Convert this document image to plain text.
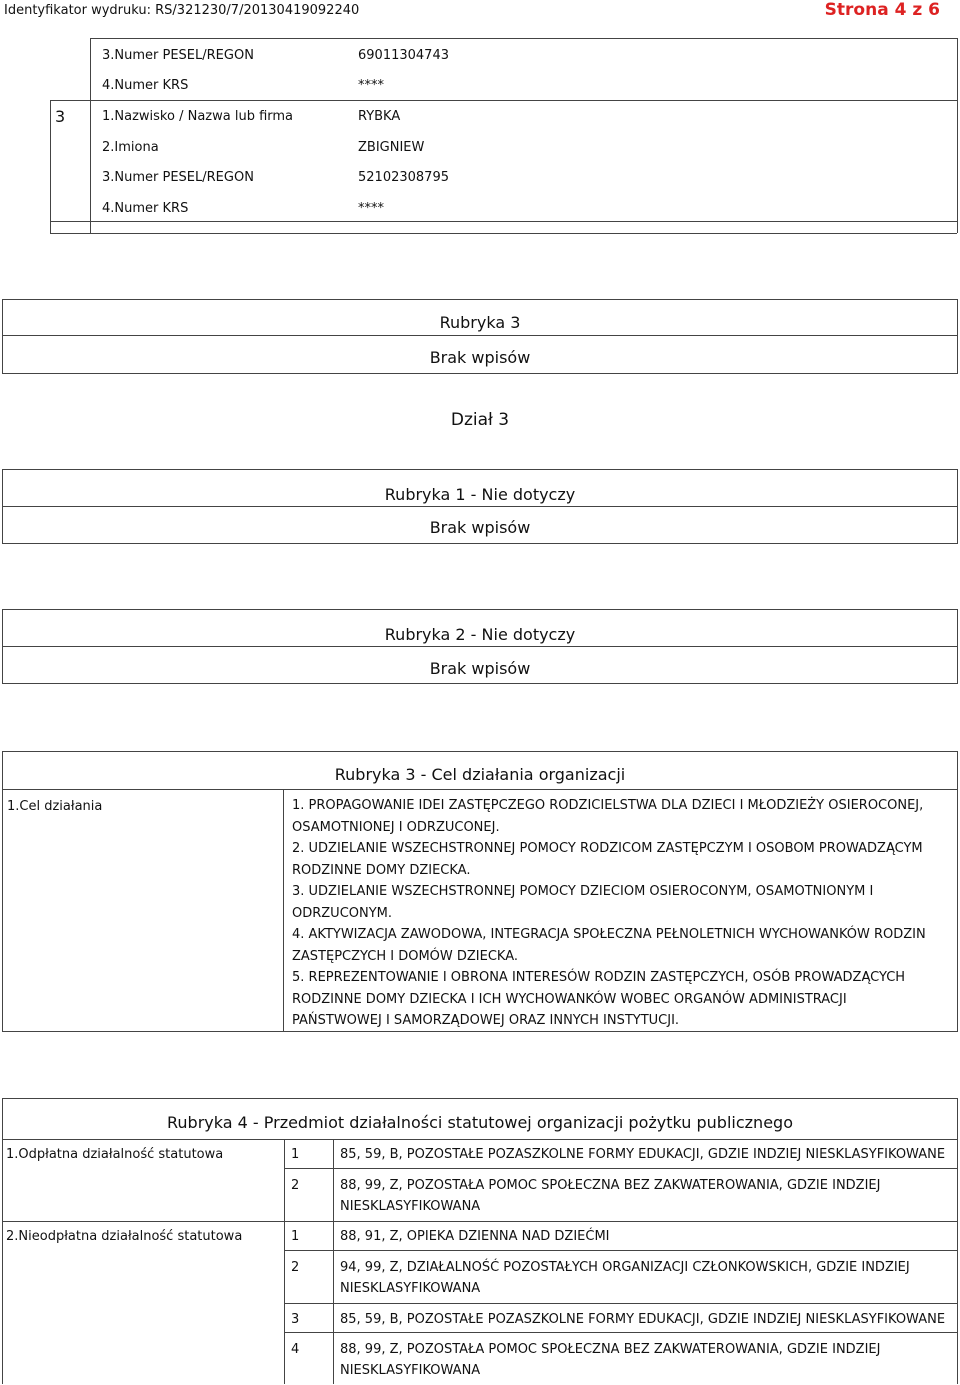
Identyfikator wydruku: RS/321230/7/20130419092240	Strona 4 z 6
3.Numer PESEL/REGON	69011304743
4.Numer KRS	****
3	1.Nazwisko / Nazwa lub firma	RYBKA
2.Imiona	ZBIGNIEW
3.Numer PESEL/REGON	52102308795
4.Numer KRS	****
Rubryka 3
Brak wpisów
Dział 3
Rubryka 1 - Nie dotyczy
Brak wpisów
Rubryka 2 - Nie dotyczy
Brak wpisów
Rubryka 3 - Cel działania organizacji
1.Cel działania	1. PROPAGOWANIE IDEI ZASTĘPCZEGO RODZICIELSTWA DLA DZIECI I MŁODZIEŻY OSIEROCONEJ,
OSAMOTNIONEJ I ODRZUCONEJ.
2. UDZIELANIE WSZECHSTRONNEJ POMOCY RODZICOM ZASTĘPCZYM I OSOBOM PROWADZĄCYM
RODZINNE DOMY DZIECKA.
3. UDZIELANIE WSZECHSTRONNEJ POMOCY DZIECIOM OSIEROCONYM, OSAMOTNIONYM I
ODRZUCONYM.
4. AKTYWIZACJA ZAWODOWA, INTEGRACJA SPOŁECZNA PEŁNOLETNICH WYCHOWANKÓW RODZIN
ZASTĘPCZYCH I DOMÓW DZIECKA.
5. REPREZENTOWANIE I OBRONA INTERESÓW RODZIN ZASTĘPCZYCH, OSÓB PROWADZĄCYCH
RODZINNE DOMY DZIECKA I ICH WYCHOWANKÓW WOBEC ORGANÓW ADMINISTRACJI
PAŃSTWOWEJ I SAMORZĄDOWEJ ORAZ INNYCH INSTYTUCJI.
Rubryka 4 - Przedmiot działalności statutowej organizacji pożytku publicznego
1.Odpłatna działalność statutowa	1	85, 59, B, POZOSTAŁE POZASZKOLNE FORMY EDUKACJI, GDZIE INDZIEJ NIESKLASYFIKOWANE
2	88, 99, Z, POZOSTAŁA POMOC SPOŁECZNA BEZ ZAKWATEROWANIA, GDZIE INDZIEJ
NIESKLASYFIKOWANA
2.Nieodpłatna działalność statutowa	1	88, 91, Z, OPIEKA DZIENNA NAD DZIEĆMI
2	94, 99, Z, DZIAŁALNOŚĆ POZOSTAŁYCH ORGANIZACJI CZŁONKOWSKICH, GDZIE INDZIEJ
NIESKLASYFIKOWANA
3	85, 59, B, POZOSTAŁE POZASZKOLNE FORMY EDUKACJI, GDZIE INDZIEJ NIESKLASYFIKOWANE
4	88, 99, Z, POZOSTAŁA POMOC SPOŁECZNA BEZ ZAKWATEROWANIA, GDZIE INDZIEJ
NIESKLASYFIKOWANA
